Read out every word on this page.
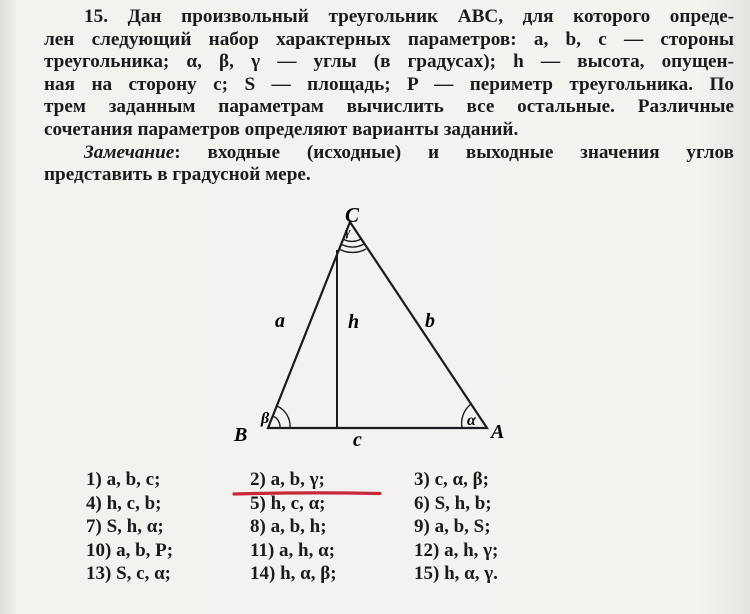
15. Дан произвольный треугольник ABC, для которого опреде-
лен следующий набор характерных параметров: a, b, c — стороны
треугольника; α, β, γ — углы (в градусах); h — высота, опущен-
ная на сторону c; S — площадь; P — периметр треугольника. По
трем заданным параметрам вычислить все остальные. Различные
сочетания параметров определяют варианты заданий.
Замечание: входные (исходные) и выходные значения углов
представить в градусной мере.
C
B	A
a	b
c
h
α
β
γ
1) a, b, c;	2) a, b, γ;	3) c, α, β;
4) h, c, b;	5) h, c, α;	6) S, h, b;
7) S, h, α;	8) a, b, h;	9) a, b, S;
10) a, b, P;	11) a, h, α;	12) a, h, γ;
13) S, c, α;	14) h, α, β;	15) h, α, γ.
